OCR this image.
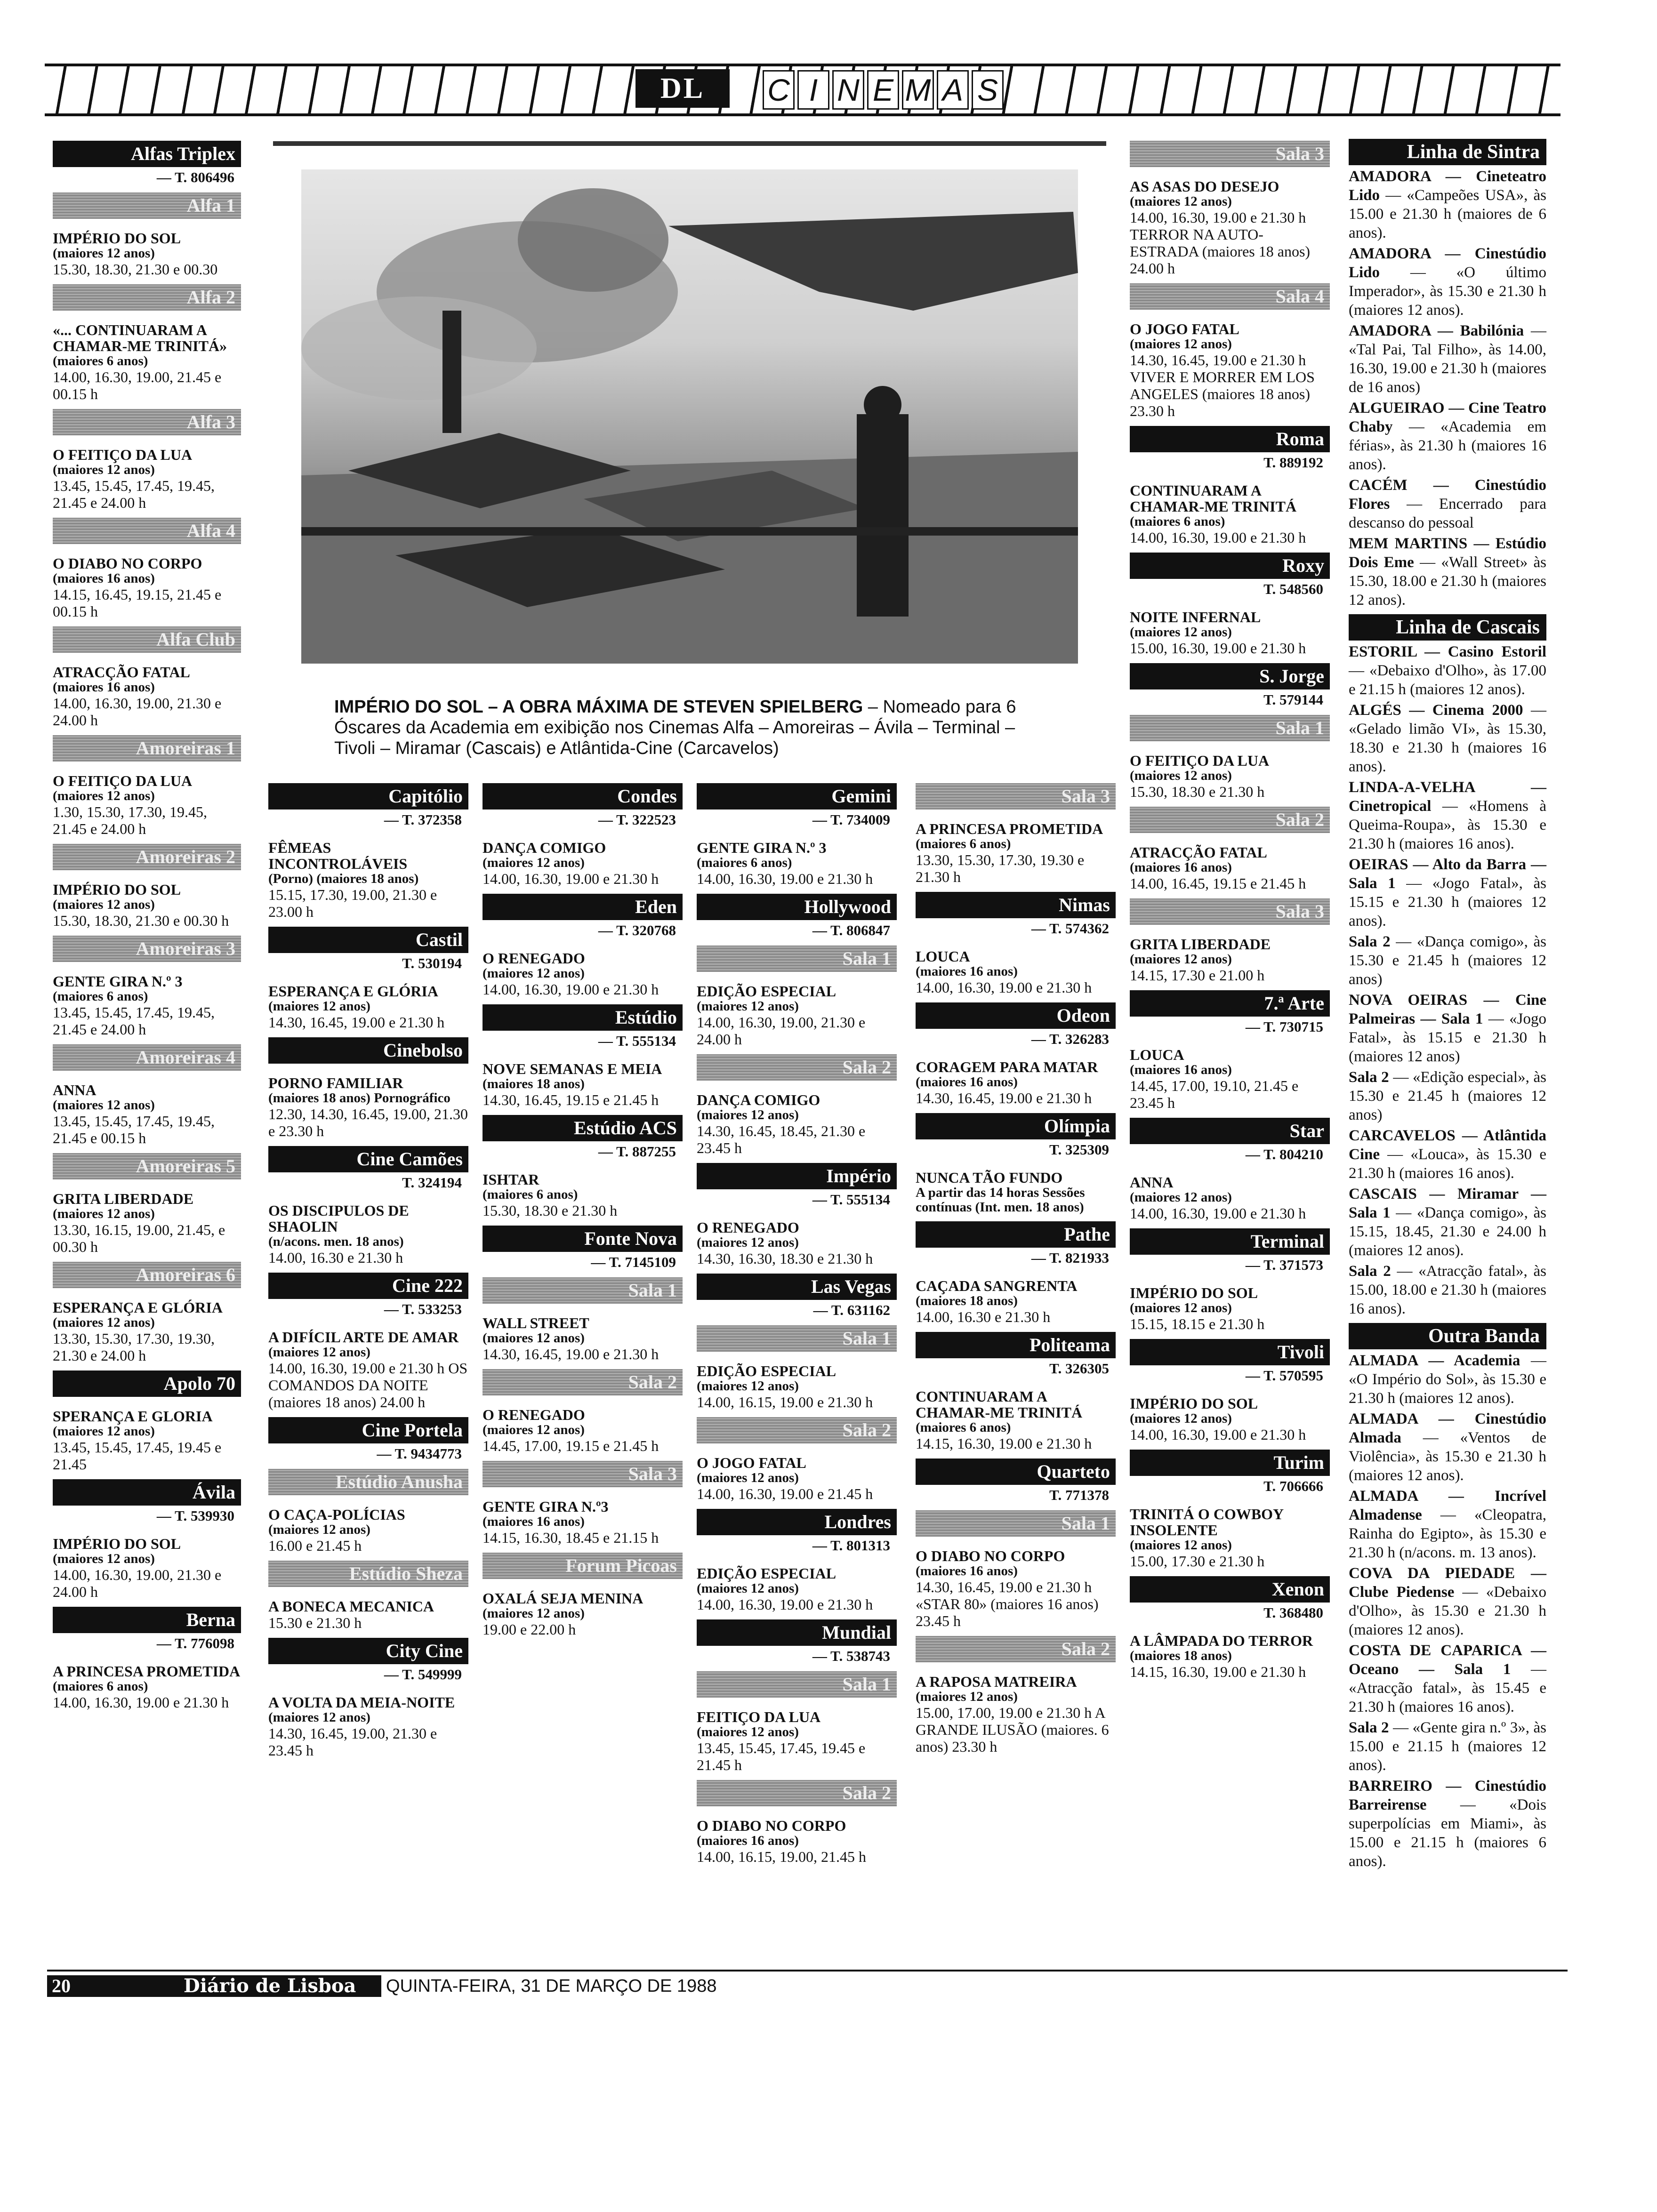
DL	C I N E M A S
Alfas Triplex
— T. 806496
Alfa 1
IMPÉRIO DO SOL
(maiores 12 anos)
15.30, 18.30, 21.30 e 00.30
Alfa 2
«... CONTINUARAM A CHAMAR-ME TRINITÁ»
(maiores 6 anos)
14.00, 16.30, 19.00, 21.45 e 00.15 h
Alfa 3
O FEITIÇO DA LUA
(maiores 12 anos)
13.45, 15.45, 17.45, 19.45, 21.45 e 24.00 h
Alfa 4
O DIABO NO CORPO
(maiores 16 anos)
14.15, 16.45, 19.15, 21.45 e 00.15 h
Alfa Club
ATRACÇÃO FATAL
(maiores 16 anos)
14.00, 16.30, 19.00, 21.30 e 24.00 h
Amoreiras 1
O FEITIÇO DA LUA
(maiores 12 anos)
1.30, 15.30, 17.30, 19.45, 21.45 e 24.00 h
Amoreiras 2
IMPÉRIO DO SOL
(maiores 12 anos)
15.30, 18.30, 21.30 e 00.30 h
Amoreiras 3
GENTE GIRA N.º 3
(maiores 6 anos)
13.45, 15.45, 17.45, 19.45, 21.45 e 24.00 h
Amoreiras 4
ANNA
(maiores 12 anos)
13.45, 15.45, 17.45, 19.45, 21.45 e 00.15 h
Amoreiras 5
GRITA LIBERDADE
(maiores 12 anos)
13.30, 16.15, 19.00, 21.45, e 00.30 h
Amoreiras 6
ESPERANÇA E GLÓRIA
(maiores 12 anos)
13.30, 15.30, 17.30, 19.30, 21.30 e 24.00 h
Apolo 70
SPERANÇA E GLORIA
(maiores 12 anos)
13.45, 15.45, 17.45, 19.45 e 21.45
Ávila
— T. 539930
IMPÉRIO DO SOL
(maiores 12 anos)
14.00, 16.30, 19.00, 21.30 e 24.00 h
Berna
— T. 776098
A PRINCESA PROMETIDA
(maiores 6 anos)
14.00, 16.30, 19.00 e 21.30 h
Capitólio
— T. 372358
FÊMEAS INCONTROLÁVEIS
(Porno) (maiores 18 anos)
15.15, 17.30, 19.00, 21.30 e 23.00 h
Castil
T. 530194
ESPERANÇA E GLÓRIA
(maiores 12 anos)
14.30, 16.45, 19.00 e 21.30 h
Cinebolso
PORNO FAMILIAR
(maiores 18 anos) Pornográfico
12.30, 14.30, 16.45, 19.00, 21.30 e 23.30 h
Cine Camões
T. 324194
OS DISCIPULOS DE SHAOLIN
(n/acons. men. 18 anos)
14.00, 16.30 e 21.30 h
Cine 222
— T. 533253
A DIFÍCIL ARTE DE AMAR
(maiores 12 anos)
14.00, 16.30, 19.00 e 21.30 h OS COMANDOS DA NOITE (maiores 18 anos) 24.00 h
Cine Portela
— T. 9434773
Estúdio Anusha
O CAÇA-POLÍCIAS
(maiores 12 anos)
16.00 e 21.45 h
Estúdio Sheza
A BONECA MECANICA
15.30 e 21.30 h
City Cine
— T. 549999
A VOLTA DA MEIA-NOITE
(maiores 12 anos)
14.30, 16.45, 19.00, 21.30 e 23.45 h
Condes
— T. 322523
DANÇA COMIGO
(maiores 12 anos)
14.00, 16.30, 19.00 e 21.30 h
Eden
— T. 320768
O RENEGADO
(maiores 12 anos)
14.00, 16.30, 19.00 e 21.30 h
Estúdio
— T. 555134
NOVE SEMANAS E MEIA
(maiores 18 anos)
14.30, 16.45, 19.15 e 21.45 h
Estúdio ACS
— T. 887255
ISHTAR
(maiores 6 anos)
15.30, 18.30 e 21.30 h
Fonte Nova
— T. 7145109
Sala 1
WALL STREET
(maiores 12 anos)
14.30, 16.45, 19.00 e 21.30 h
Sala 2
O RENEGADO
(maiores 12 anos)
14.45, 17.00, 19.15 e 21.45 h
Sala 3
GENTE GIRA N.º3
(maiores 16 anos)
14.15, 16.30, 18.45 e 21.15 h
Forum Picoas
OXALÁ SEJA MENINA
(maiores 12 anos)
19.00 e 22.00 h
Gemini
— T. 734009
GENTE GIRA N.º 3
(maiores 6 anos)
14.00, 16.30, 19.00 e 21.30 h
Hollywood
— T. 806847
Sala 1
EDIÇÃO ESPECIAL
(maiores 12 anos)
14.00, 16.30, 19.00, 21.30 e 24.00 h
Sala 2
DANÇA COMIGO
(maiores 12 anos)
14.30, 16.45, 18.45, 21.30 e 23.45 h
Império
— T. 555134
O RENEGADO
(maiores 12 anos)
14.30, 16.30, 18.30 e 21.30 h
Las Vegas
— T. 631162
Sala 1
EDIÇÃO ESPECIAL
(maiores 12 anos)
14.00, 16.15, 19.00 e 21.30 h
Sala 2
O JOGO FATAL
(maiores 12 anos)
14.00, 16.30, 19.00 e 21.45 h
Londres
— T. 801313
EDIÇÃO ESPECIAL
(maiores 12 anos)
14.00, 16.30, 19.00 e 21.30 h
Mundial
— T. 538743
Sala 1
FEITIÇO DA LUA
(maiores 12 anos)
13.45, 15.45, 17.45, 19.45 e 21.45 h
Sala 2
O DIABO NO CORPO
(maiores 16 anos)
14.00, 16.15, 19.00, 21.45 h
Sala 3
A PRINCESA PROMETIDA
(maiores 6 anos)
13.30, 15.30, 17.30, 19.30 e 21.30 h
Nimas
— T. 574362
LOUCA
(maiores 16 anos)
14.00, 16.30, 19.00 e 21.30 h
Odeon
— T. 326283
CORAGEM PARA MATAR
(maiores 16 anos)
14.30, 16.45, 19.00 e 21.30 h
Olímpia
T. 325309
NUNCA TÃO FUNDO
A partir das 14 horas Sessões contínuas (Int. men. 18 anos)
Pathe
— T. 821933
CAÇADA SANGRENTA
(maiores 18 anos)
14.00, 16.30 e 21.30 h
Politeama
T. 326305
CONTINUARAM A CHAMAR-ME TRINITÁ
(maiores 6 anos)
14.15, 16.30, 19.00 e 21.30 h
Quarteto
T. 771378
Sala 1
O DIABO NO CORPO
(maiores 16 anos)
14.30, 16.45, 19.00 e 21.30 h «STAR 80» (maiores 16 anos) 23.45 h
Sala 2
A RAPOSA MATREIRA
(maiores 12 anos)
15.00, 17.00, 19.00 e 21.30 h A GRANDE ILUSÃO (maiores. 6 anos) 23.30 h
Sala 3
AS ASAS DO DESEJO
(maiores 12 anos)
14.00, 16.30, 19.00 e 21.30 h TERROR NA AUTO-ESTRADA (maiores 18 anos) 24.00 h
Sala 4
O JOGO FATAL
(maiores 12 anos)
14.30, 16.45, 19.00 e 21.30 h VIVER E MORRER EM LOS ANGELES (maiores 18 anos) 23.30 h
Roma
T. 889192
CONTINUARAM A CHAMAR-ME TRINITÁ
(maiores 6 anos)
14.00, 16.30, 19.00 e 21.30 h
Roxy
T. 548560
NOITE INFERNAL
(maiores 12 anos)
15.00, 16.30, 19.00 e 21.30 h
S. Jorge
T. 579144
Sala 1
O FEITIÇO DA LUA
(maiores 12 anos)
15.30, 18.30 e 21.30 h
Sala 2
ATRACÇÃO FATAL
(maiores 16 anos)
14.00, 16.45, 19.15 e 21.45 h
Sala 3
GRITA LIBERDADE
(maiores 12 anos)
14.15, 17.30 e 21.00 h
7.ª Arte
— T. 730715
LOUCA
(maiores 16 anos)
14.45, 17.00, 19.10, 21.45 e 23.45 h
Star
— T. 804210
ANNA
(maiores 12 anos)
14.00, 16.30, 19.00 e 21.30 h
Terminal
— T. 371573
IMPÉRIO DO SOL
(maiores 12 anos)
15.15, 18.15 e 21.30 h
Tivoli
— T. 570595
IMPÉRIO DO SOL
(maiores 12 anos)
14.00, 16.30, 19.00 e 21.30 h
Turim
T. 706666
TRINITÁ O COWBOY INSOLENTE
(maiores 12 anos)
15.00, 17.30 e 21.30 h
Xenon
T. 368480
A LÂMPADA DO TERROR
(maiores 18 anos)
14.15, 16.30, 19.00 e 21.30 h
Linha de Sintra
AMADORA — Cineteatro Lido — «Campeões USA», às 15.00 e 21.30 h (maiores de 6 anos).
AMADORA — Cinestúdio Lido — «O último Imperador», às 15.30 e 21.30 h (maiores 12 anos).
AMADORA — Babilónia — «Tal Pai, Tal Filho», às 14.00, 16.30, 19.00 e 21.30 h (maiores de 16 anos)
ALGUEIRAO — Cine Teatro Chaby — «Academia em férias», às 21.30 h (maiores 16 anos).
CACÉM — Cinestúdio Flores — Encerrado para descanso do pessoal
MEM MARTINS — Estúdio Dois Eme — «Wall Street» às 15.30, 18.00 e 21.30 h (maiores 12 anos).
Linha de Cascais
ESTORIL — Casino Estoril — «Debaixo d'Olho», às 17.00 e 21.15 h (maiores 12 anos).
ALGÉS — Cinema 2000 — «Gelado limão VI», às 15.30, 18.30 e 21.30 h (maiores 16 anos).
LINDA-A-VELHA — Cinetropical — «Homens à Queima-Roupa», às 15.30 e 21.30 h (maiores 16 anos).
OEIRAS — Alto da Barra — Sala 1 — «Jogo Fatal», às 15.15 e 21.30 h (maiores 12 anos).
Sala 2 — «Dança comigo», às 15.30 e 21.45 h (maiores 12 anos)
NOVA OEIRAS — Cine Palmeiras — Sala 1 — «Jogo Fatal», às 15.15 e 21.30 h (maiores 12 anos)
Sala 2 — «Edição especial», às 15.30 e 21.45 h (maiores 12 anos)
CARCAVELOS — Atlântida Cine — «Louca», às 15.30 e 21.30 h (maiores 16 anos).
CASCAIS — Miramar — Sala 1 — «Dança comigo», às 15.15, 18.45, 21.30 e 24.00 h (maiores 12 anos).
Sala 2 — «Atracção fatal», às 15.00, 18.00 e 21.30 h (maiores 16 anos).
Outra Banda
ALMADA — Academia — «O Império do Sol», às 15.30 e 21.30 h (maiores 12 anos).
ALMADA — Cinestúdio Almada — «Ventos de Violência», às 15.30 e 21.30 h (maiores 12 anos).
ALMADA — Incrível Almadense — «Cleopatra, Rainha do Egipto», às 15.30 e 21.30 h (n/acons. m. 13 anos).
COVA DA PIEDADE — Clube Piedense — «Debaixo d'Olho», às 15.30 e 21.30 h (maiores 12 anos).
COSTA DE CAPARICA — Oceano — Sala 1 — «Atracção fatal», às 15.45 e 21.30 h (maiores 16 anos).
Sala 2 — «Gente gira n.º 3», às 15.00 e 21.15 h (maiores 12 anos).
BARREIRO — Cinestúdio Barreirense — «Dois superpolícias em Miami», às 15.00 e 21.15 h (maiores 6 anos).
IMPÉRIO DO SOL – A OBRA MÁXIMA DE STEVEN SPIELBERG – Nomeado para 6 Óscares da Academia em exibição nos Cinemas Alfa – Amoreiras – Ávila – Terminal – Tivoli – Miramar (Cascais) e Atlântida-Cine (Carcavelos)
20	Diário de Lisboa QUINTA-FEIRA, 31 DE MARÇO DE 1988
